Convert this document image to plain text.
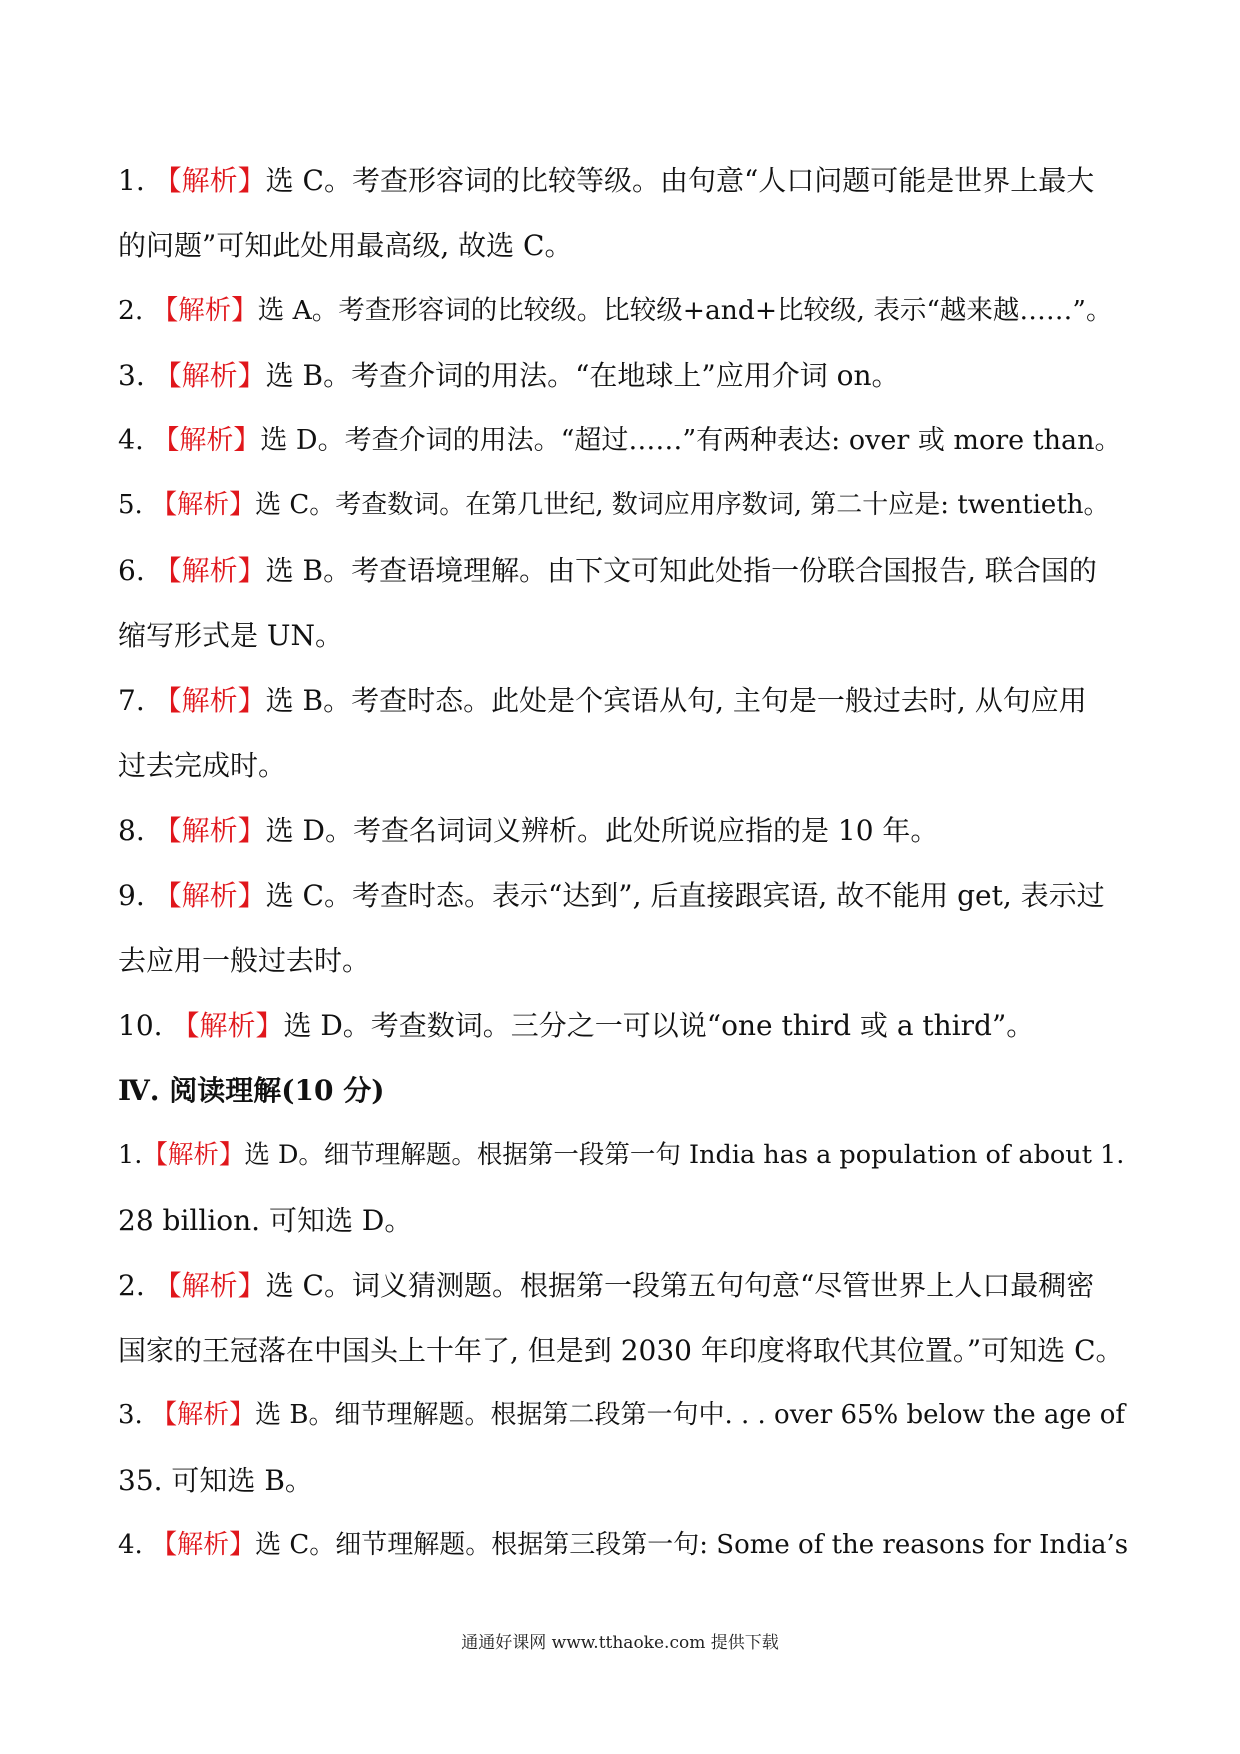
1. 【解析】选 C。考查形容词的比较等级。由句意“人口问题可能是世界上最大
的问题”可知此处用最高级, 故选 C。
2. 【解析】选 A。考查形容词的比较级。比较级+and+比较级, 表示“越来越……”。
3. 【解析】选 B。考查介词的用法。“在地球上”应用介词 on。
4. 【解析】选 D。考查介词的用法。“超过……”有两种表达: over 或 more than。
5. 【解析】选 C。考查数词。在第几世纪, 数词应用序数词, 第二十应是: twentieth。
6. 【解析】选 B。考查语境理解。由下文可知此处指一份联合国报告, 联合国的
缩写形式是 UN。
7. 【解析】选 B。考查时态。此处是个宾语从句, 主句是一般过去时, 从句应用
过去完成时。
8. 【解析】选 D。考查名词词义辨析。此处所说应指的是 10 年。
9. 【解析】选 C。考查时态。表示“达到”, 后直接跟宾语, 故不能用 get, 表示过
去应用一般过去时。
10. 【解析】选 D。考查数词。三分之一可以说“one third 或 a third”。
Ⅳ. 阅读理解(10 分)
1.【解析】选 D。细节理解题。根据第一段第一句 India has a population of about 1.
28 billion. 可知选 D。
2. 【解析】选 C。词义猜测题。根据第一段第五句句意“尽管世界上人口最稠密
国家的王冠落在中国头上十年了, 但是到 2030 年印度将取代其位置。”可知选 C。
3. 【解析】选 B。细节理解题。根据第二段第一句中. . . over 65% below the age of
35. 可知选 B。
4. 【解析】选 C。细节理解题。根据第三段第一句: Some of the reasons for India’s
通通好课网 www.tthaoke.com 提供下载
